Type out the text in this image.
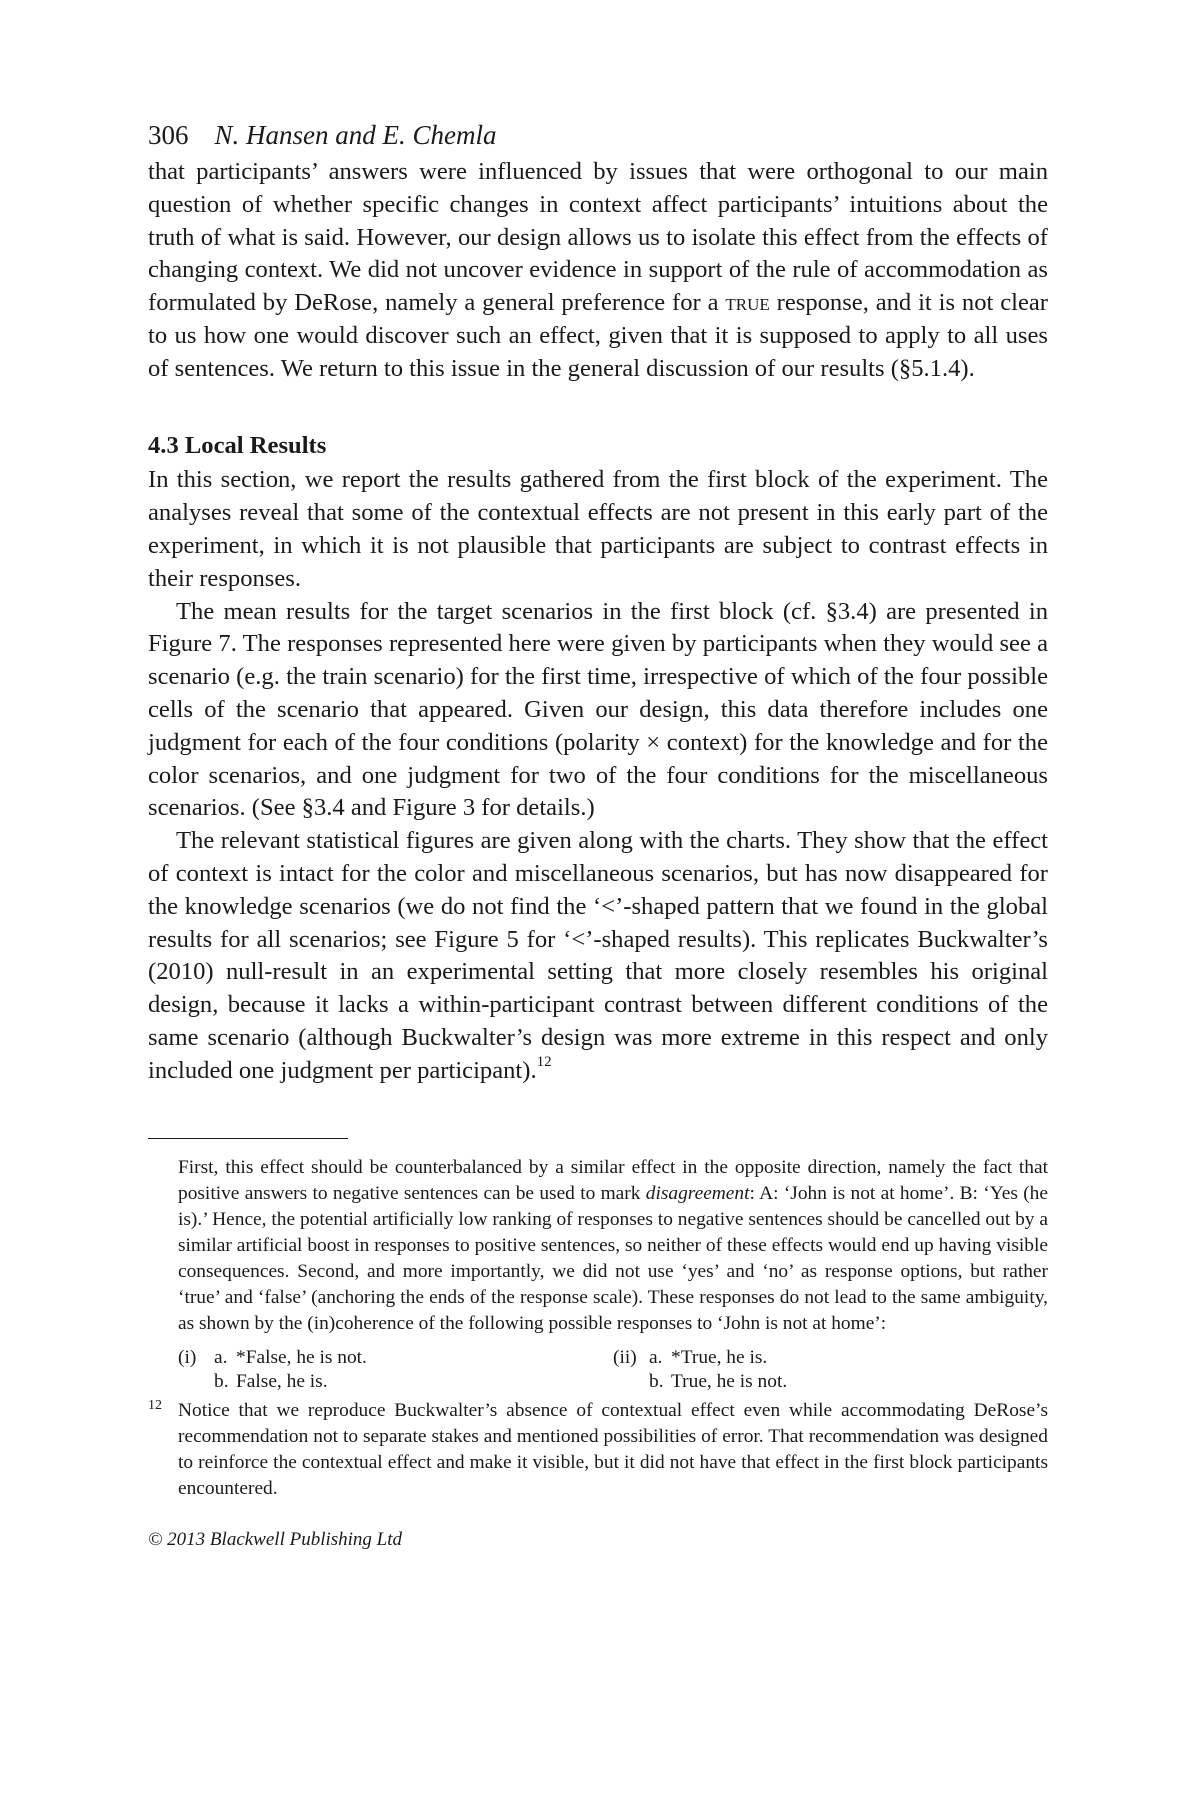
306 N. Hansen and E. Chemla

that participants’ answers were influenced by issues that were orthogonal to our main question of whether specific changes in context affect participants’ intuitions about the truth of what is said. However, our design allows us to isolate this effect from the effects of changing context. We did not uncover evidence in support of the rule of accommodation as formulated by DeRose, namely a general preference for a true response, and it is not clear to us how one would discover such an effect, given that it is supposed to apply to all uses of sentences. We return to this issue in the general discussion of our results (§5.1.4).

4.3 Local Results

In this section, we report the results gathered from the first block of the experiment. The analyses reveal that some of the contextual effects are not present in this early part of the experiment, in which it is not plausible that participants are subject to contrast effects in their responses.

The mean results for the target scenarios in the first block (cf. §3.4) are presented in Figure 7. The responses represented here were given by participants when they would see a scenario (e.g. the train scenario) for the first time, irrespective of which of the four possible cells of the scenario that appeared. Given our design, this data therefore includes one judgment for each of the four conditions (polarity × context) for the knowledge and for the color scenarios, and one judgment for two of the four conditions for the miscellaneous scenarios. (See §3.4 and Figure 3 for details.)

The relevant statistical figures are given along with the charts. They show that the effect of context is intact for the color and miscellaneous scenarios, but has now disappeared for the knowledge scenarios (we do not find the ‘<’-shaped pattern that we found in the global results for all scenarios; see Figure 5 for ‘<’-shaped results). This replicates Buckwalter’s (2010) null-result in an experimental setting that more closely resembles his original design, because it lacks a within-participant contrast between different conditions of the same scenario (although Buckwalter’s design was more extreme in this respect and only included one judgment per participant).$^{12}$

First, this effect should be counterbalanced by a similar effect in the opposite direction, namely the fact that positive answers to negative sentences can be used to mark disagreement: A: ‘John is not at home’. B: ‘Yes (he is).’ Hence, the potential artificially low ranking of responses to negative sentences should be cancelled out by a similar artificial boost in responses to positive sentences, so neither of these effects would end up having visible consequences. Second, and more importantly, we did not use ‘yes’ and ‘no’ as response options, but rather ‘true’ and ‘false’ (anchoring the ends of the response scale). These responses do not lead to the same ambiguity, as shown by the (in)coherence of the following possible responses to ‘John is not at home’:

(i) a. *False, he is not.
b. False, he is.
(ii) a. *True, he is.
b. True, he is not.

12 Notice that we reproduce Buckwalter’s absence of contextual effect even while accommodating DeRose’s recommendation not to separate stakes and mentioned possibilities of error. That recommendation was designed to reinforce the contextual effect and make it visible, but it did not have that effect in the first block participants encountered.

© 2013 Blackwell Publishing Ltd
